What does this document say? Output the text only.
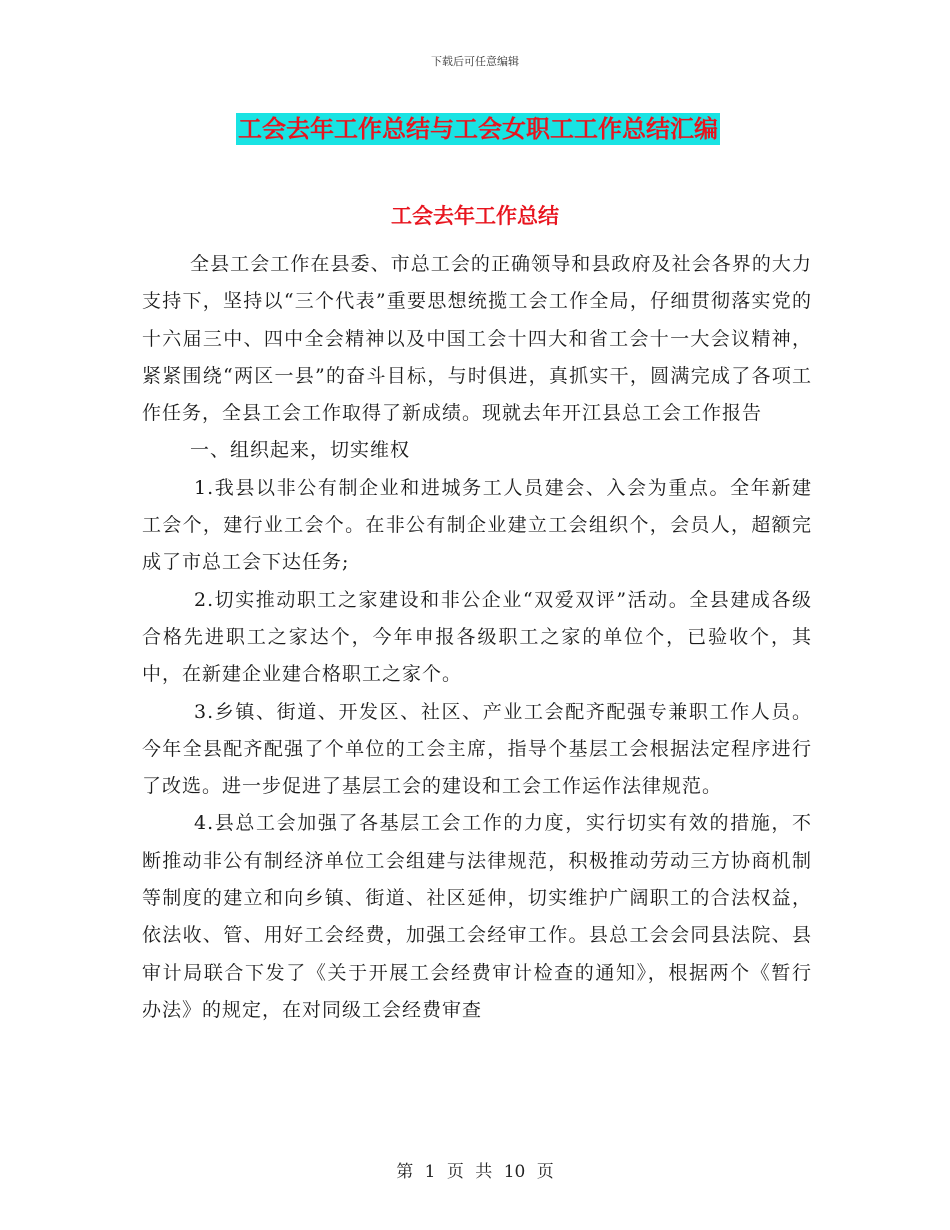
下载后可任意编辑
工会去年工作总结与工会女职工工作总结汇编
工会去年工作总结

全县工会工作在县委、市总工会的正确领导和县政府及社会各界的大力支持下，坚持以“三个代表”重要思想统揽工会工作全局，仔细贯彻落实党的十六届三中、四中全会精神以及中国工会十四大和省工会十一大会议精神，紧紧围绕“两区一县”的奋斗目标，与时俱进，真抓实干，圆满完成了各项工作任务，全县工会工作取得了新成绩。现就去年开江县总工会工作报告

一、组织起来，切实维权

1.我县以非公有制企业和进城务工人员建会、入会为重点。全年新建工会个，建行业工会个。在非公有制企业建立工会组织个，会员人，超额完成了市总工会下达任务;

2.切实推动职工之家建设和非公企业“双爱双评”活动。全县建成各级合格先进职工之家达个，今年申报各级职工之家的单位个，已验收个，其中，在新建企业建合格职工之家个。

3.乡镇、街道、开发区、社区、产业工会配齐配强专兼职工作人员。今年全县配齐配强了个单位的工会主席，指导个基层工会根据法定程序进行了改选。进一步促进了基层工会的建设和工会工作运作法律规范。

4.县总工会加强了各基层工会工作的力度，实行切实有效的措施，不断推动非公有制经济单位工会组建与法律规范，积极推动劳动三方协商机制等制度的建立和向乡镇、街道、社区延伸，切实维护广阔职工的合法权益，依法收、管、用好工会经费，加强工会经审工作。县总工会会同县法院、县审计局联合下发了《关于开展工会经费审计检查的通知》，根据两个《暂行办法》的规定，在对同级工会经费审查

第 1 页 共 10 页
